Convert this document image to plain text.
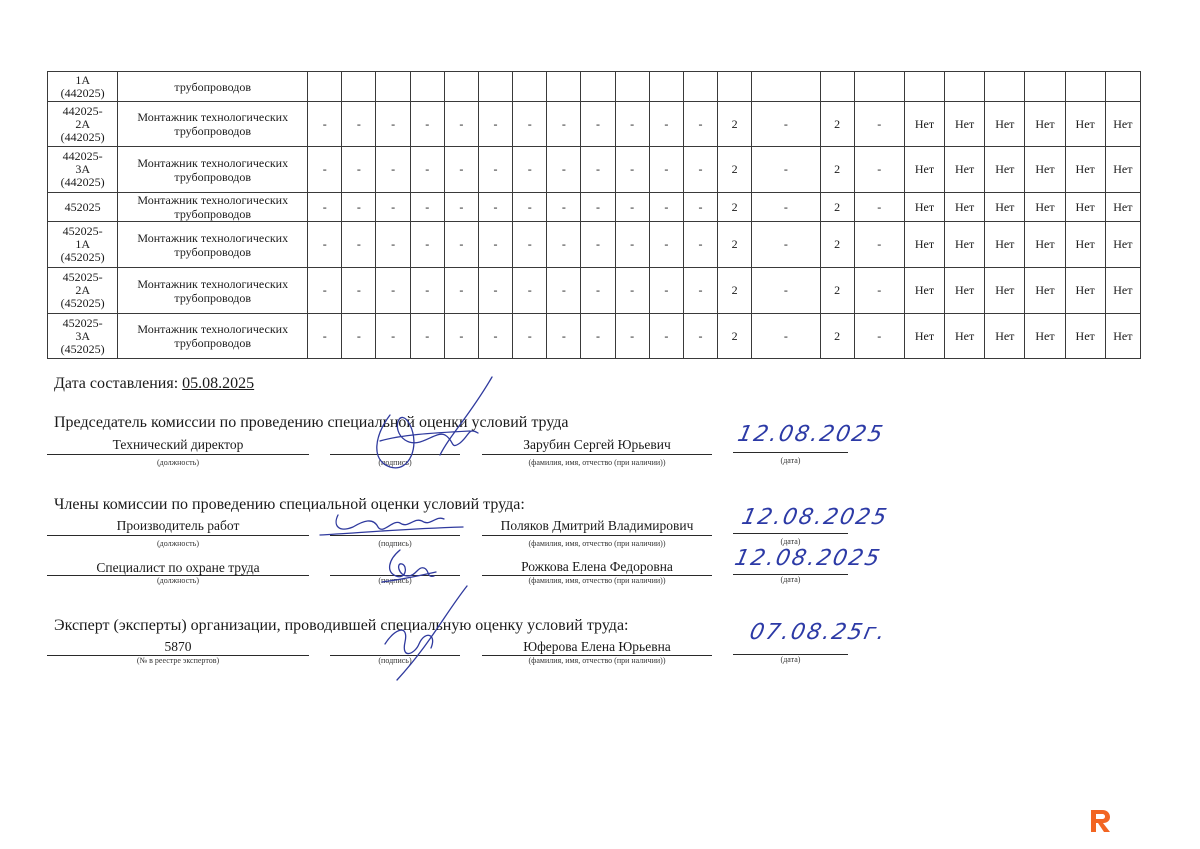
1А
(442025)	трубопроводов																						
442025-
2А
(442025)	Монтажник технологических трубопроводов	-	-	-	-	-	-	-	-	-	-	-	-	2	-	2	-	Нет	Нет	Нет	Нет	Нет	Нет
442025-
3А
(442025)	Монтажник технологических трубопроводов	-	-	-	-	-	-	-	-	-	-	-	-	2	-	2	-	Нет	Нет	Нет	Нет	Нет	Нет
452025	Монтажник технологических трубопроводов	-	-	-	-	-	-	-	-	-	-	-	-	2	-	2	-	Нет	Нет	Нет	Нет	Нет	Нет
452025-
1А
(452025)	Монтажник технологических трубопроводов	-	-	-	-	-	-	-	-	-	-	-	-	2	-	2	-	Нет	Нет	Нет	Нет	Нет	Нет
452025-
2А
(452025)	Монтажник технологических трубопроводов	-	-	-	-	-	-	-	-	-	-	-	-	2	-	2	-	Нет	Нет	Нет	Нет	Нет	Нет
452025-
3А
(452025)	Монтажник технологических трубопроводов	-	-	-	-	-	-	-	-	-	-	-	-	2	-	2	-	Нет	Нет	Нет	Нет	Нет	Нет
Дата составления: 05.08.2025
Председатель комиссии по проведению специальной оценки условий труда
Технический директор
(должность)	(подпись)
Зарубин Сергей Юрьевич
(фамилия, имя, отчество (при наличии))	(дата)
12.08.2025
Члены комиссии по проведению специальной оценки условий труда:
Производитель работ
(должность)	(подпись)
Поляков Дмитрий Владимирович
(фамилия, имя, отчество (при наличии))	(дата)
12.08.2025
Специалист по охране труда
(должность)	(подпись)
Рожкова Елена Федоровна
(фамилия, имя, отчество (при наличии))	(дата)
12.08.2025
Эксперт (эксперты) организации, проводившей специальную оценку условий труда:
5870
(№ в реестре экспертов)	(подпись)
Юферова Елена Юрьевна
(фамилия, имя, отчество (при наличии))	(дата)
07.08.25г.
